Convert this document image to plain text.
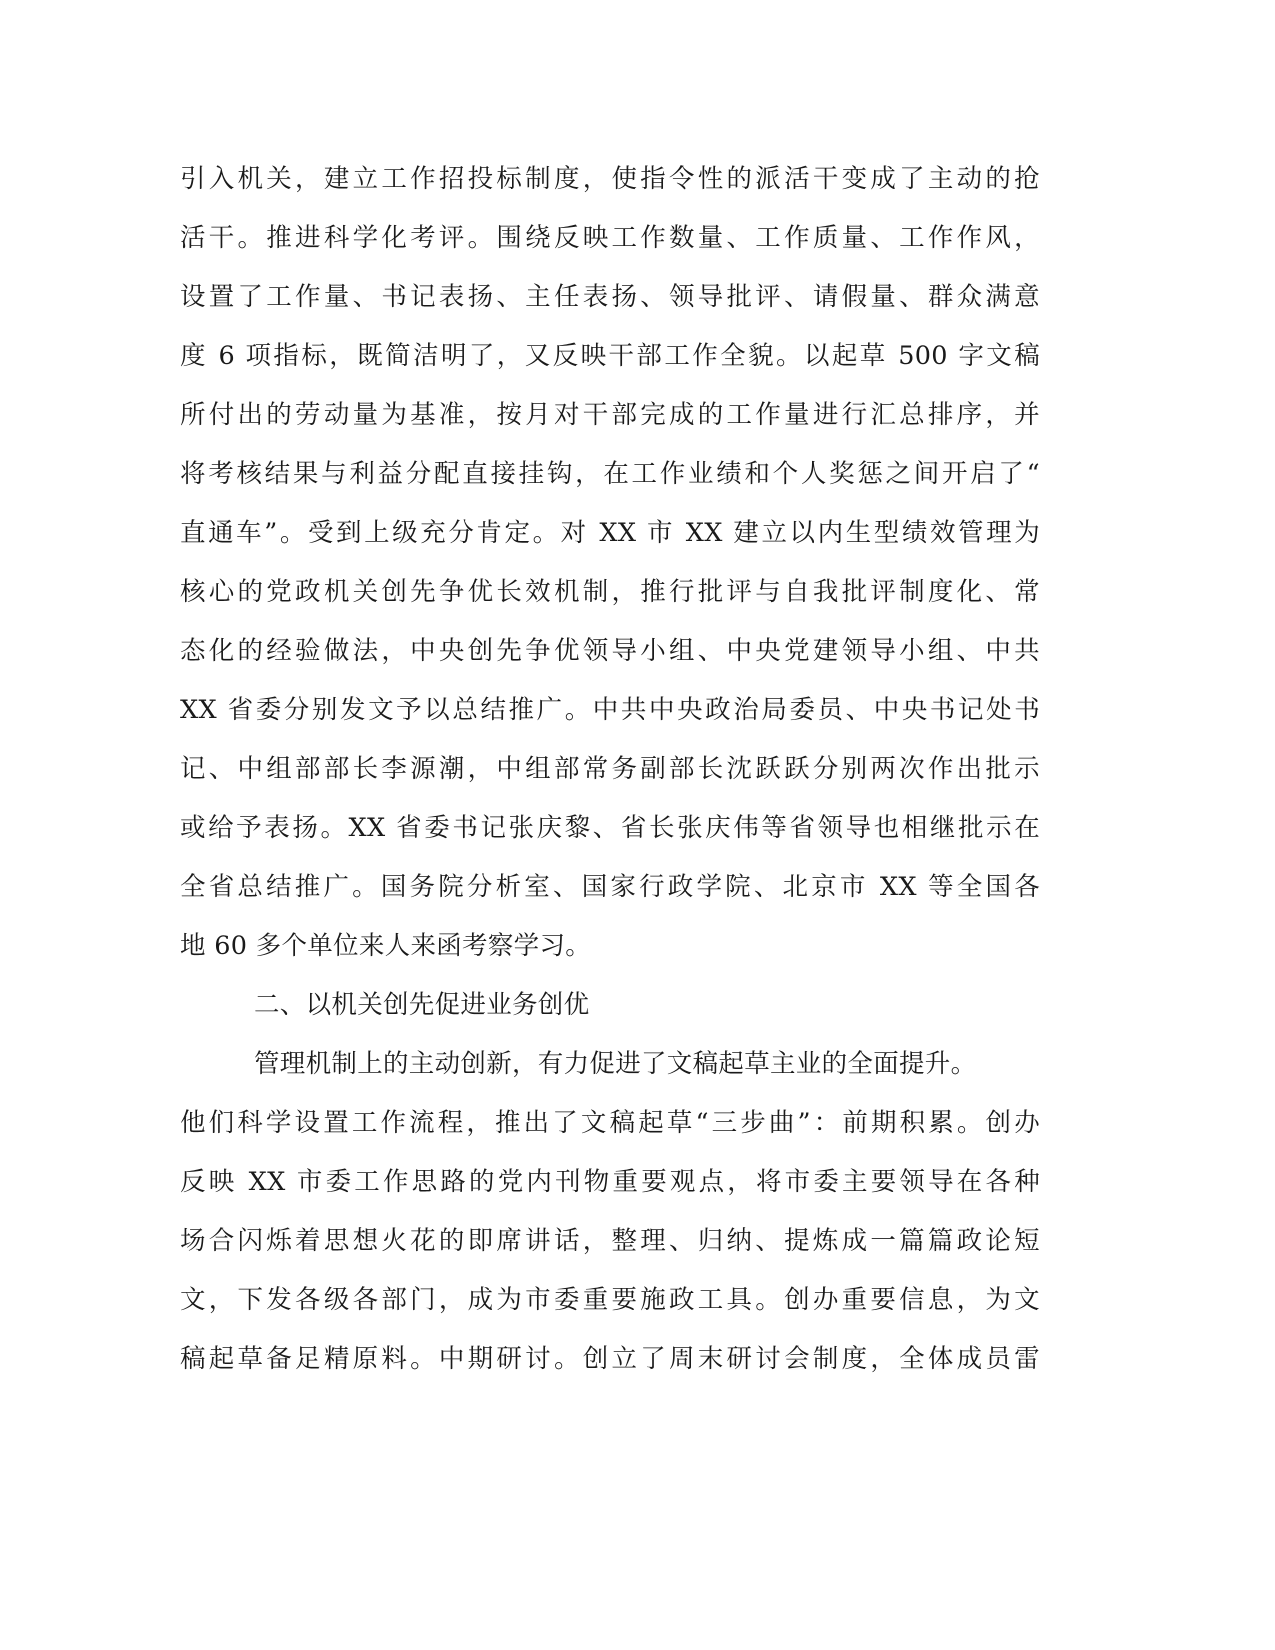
引入机关，建立工作招投标制度，使指令性的派活干变成了主动的抢
活干。推进科学化考评。围绕反映工作数量、工作质量、工作作风，
设置了工作量、书记表扬、主任表扬、领导批评、请假量、群众满意
度 6 项指标，既简洁明了，又反映干部工作全貌。以起草 500 字文稿
所付出的劳动量为基准，按月对干部完成的工作量进行汇总排序，并
将考核结果与利益分配直接挂钩，在工作业绩和个人奖惩之间开启了“
直通车”。受到上级充分肯定。对 XX 市 XX 建立以内生型绩效管理为
核心的党政机关创先争优长效机制，推行批评与自我批评制度化、常
态化的经验做法，中央创先争优领导小组、中央党建领导小组、中共
XX 省委分别发文予以总结推广。中共中央政治局委员、中央书记处书
记、中组部部长李源潮，中组部常务副部长沈跃跃分别两次作出批示
或给予表扬。XX 省委书记张庆黎、省长张庆伟等省领导也相继批示在
全省总结推广。国务院分析室、国家行政学院、北京市 XX 等全国各
地 60 多个单位来人来函考察学习。
二、以机关创先促进业务创优
管理机制上的主动创新，有力促进了文稿起草主业的全面提升。
他们科学设置工作流程，推出了文稿起草“三步曲”：前期积累。创办
反映 XX 市委工作思路的党内刊物重要观点，将市委主要领导在各种
场合闪烁着思想火花的即席讲话，整理、归纳、提炼成一篇篇政论短
文，下发各级各部门，成为市委重要施政工具。创办重要信息，为文
稿起草备足精原料。中期研讨。创立了周末研讨会制度，全体成员雷
